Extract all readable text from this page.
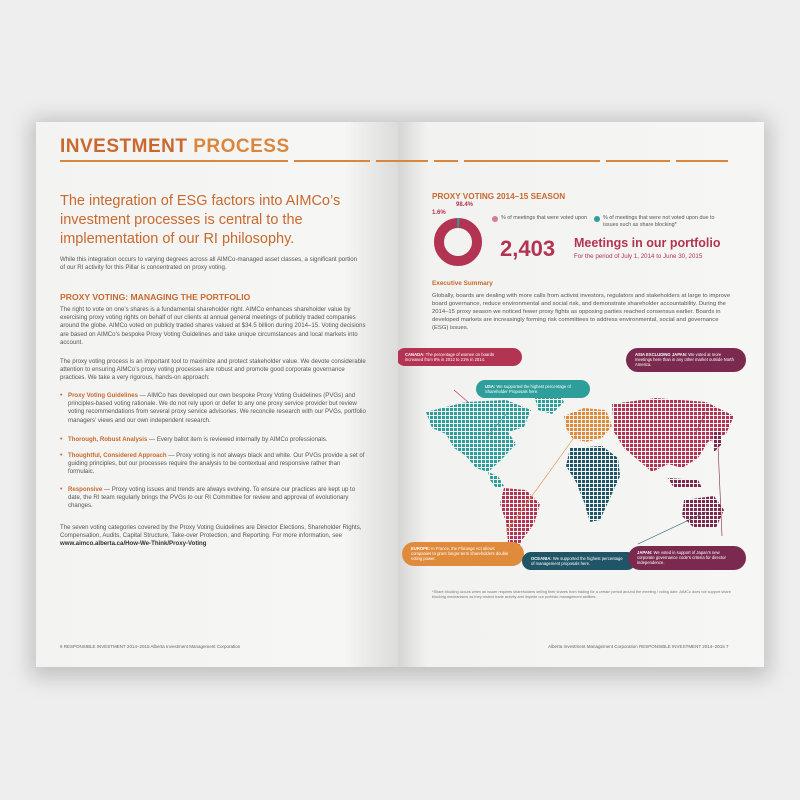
INVESTMENT PROCESS
The integration of ESG factors into AIMCo’s investment processes is central to the implementation of our RI philosophy.
While this integration occurs to varying degrees across all AIMCo-managed asset classes, a significant portion of our RI activity for this Pillar is concentrated on proxy voting.
PROXY VOTING: MANAGING THE PORTFOLIO
The right to vote on one’s shares is a fundamental shareholder right. AIMCo enhances shareholder value by exercising proxy voting rights on behalf of our clients at annual general meetings of publicly traded companies around the globe. AIMCo voted on publicly traded shares valued at $34.5 billion during 2014–15. Voting decisions are based on AIMCo’s bespoke Proxy Voting Guidelines and take unique circumstances and local markets into account.
The proxy voting process is an important tool to maximize and protect stakeholder value. We devote considerable attention to ensuring AIMCo’s proxy voting processes are robust and promote good corporate governance practices. We take a very rigorous, hands-on approach:
• Proxy Voting Guidelines — AIMCo has developed our own bespoke Proxy Voting Guidelines (PVGs) and principles-based voting rationale. We do not rely upon or defer to any one proxy service provider but review voting recommendations from several proxy service advisories. We reconcile research with our PVGs, portfolio managers’ views and our own independent research.
• Thorough, Robust Analysis — Every ballot item is reviewed internally by AIMCo professionals.
• Thoughtful, Considered Approach — Proxy voting is not always black and white. Our PVGs provide a set of guiding principles, but our processes require the analysis to be contextual and responsive rather than formulaic.
• Responsive — Proxy voting issues and trends are always evolving. To ensure our practices are kept up to date, the RI team regularly brings the PVGs to our RI Committee for review and approval of evolutionary changes.
The seven voting categories covered by the Proxy Voting Guidelines are Director Elections, Shareholder Rights, Compensation, Audits, Capital Structure, Take-over Protection, and Reporting. For more information, see www.aimco.alberta.ca/How-We-Think/Proxy-Voting
6 RESPONSIBLE INVESTMENT 2014–2015 Alberta Investment Management Corporation
PROXY VOTING 2014–15 SEASON
1.6%
98.4%
% of meetings that were voted upon	% of meetings that were not voted upon due to issues such as share blocking*
2,403 Meetings in our portfolio
For the period of July 1, 2014 to June 30, 2015
Executive Summary
Globally, boards are dealing with more calls from activist investors, regulators and stakeholders at large to improve board governance, reduce environmental and social risk, and demonstrate shareholder accountability. During the 2014–15 proxy season we noticed fewer proxy fights as opposing parties reached consensus earlier. Boards in developed markets are increasingly forming risk committees to address environmental, social and governance (ESG) issues.
CANADA: The percentage of women on boards increased from 8% in 2012 to 21% in 2014.
USA: We supported the highest percentage of Shareholder Proposals here.
ASIA EXCLUDING JAPAN: We voted at more meetings here than in any other market outside North America.
EUROPE: In France, the Florange Act allows companies to grant longer-term shareholders double voting power.	OCEANIA: We supported the highest percentage of management proposals here.
JAPAN: We voted in support of Japan’s new corporate governance code’s criteria for director independence.
*Share blocking occurs when an issuer requires shareholders selling their shares from trading for a certain period around the meeting / voting date. AIMCo does not support share blocking mechanisms as they restrict trade activity and impede our portfolio management abilities.
Alberta Investment Management Corporation RESPONSIBLE INVESTMENT 2014–2015 7
